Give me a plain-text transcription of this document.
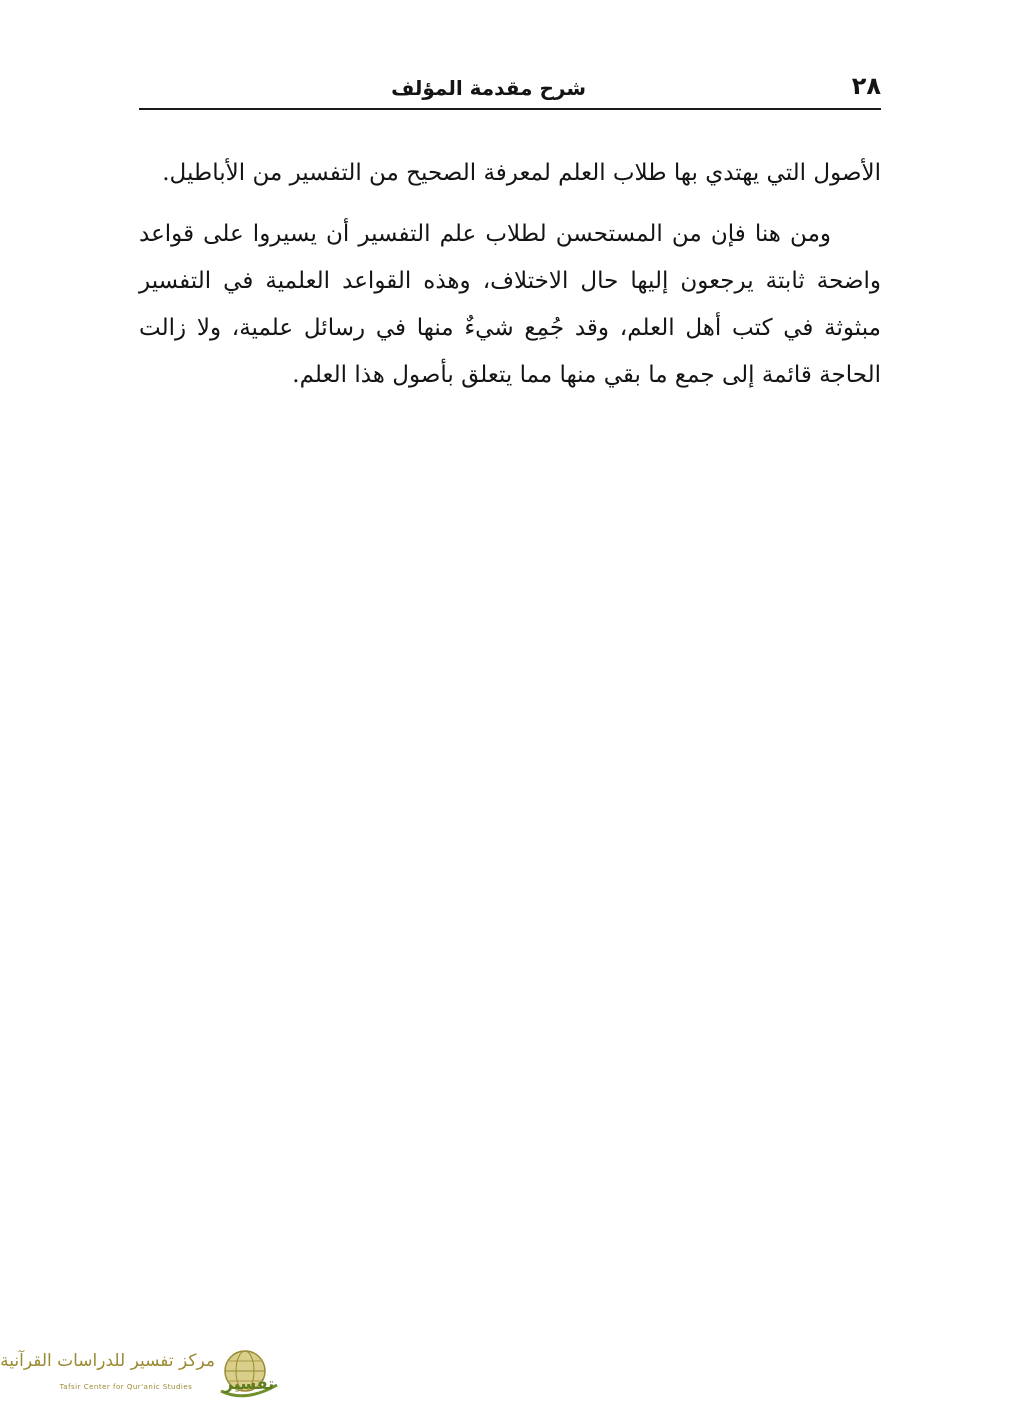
٢٨
شرح مقدمة المؤلف

الأصول التي يهتدي بها طلاب العلم لمعرفة الصحيح من التفسير من الأباطيل.

ومن هنا فإن من المستحسن لطلاب علم التفسير أن يسيروا على قواعد واضحة ثابتة يرجعون إليها حال الاختلاف، وهذه القواعد العلمية في التفسير مبثوثة في كتب أهل العلم، وقد جُمِع شيءٌ منها في رسائل علمية، ولا زالت الحاجة قائمة إلى جمع ما بقي منها مما يتعلق بأصول هذا العلم.

تفسير
مركز تفسير للدراسات القرآنية
Tafsir Center for Qur'anic Studies
